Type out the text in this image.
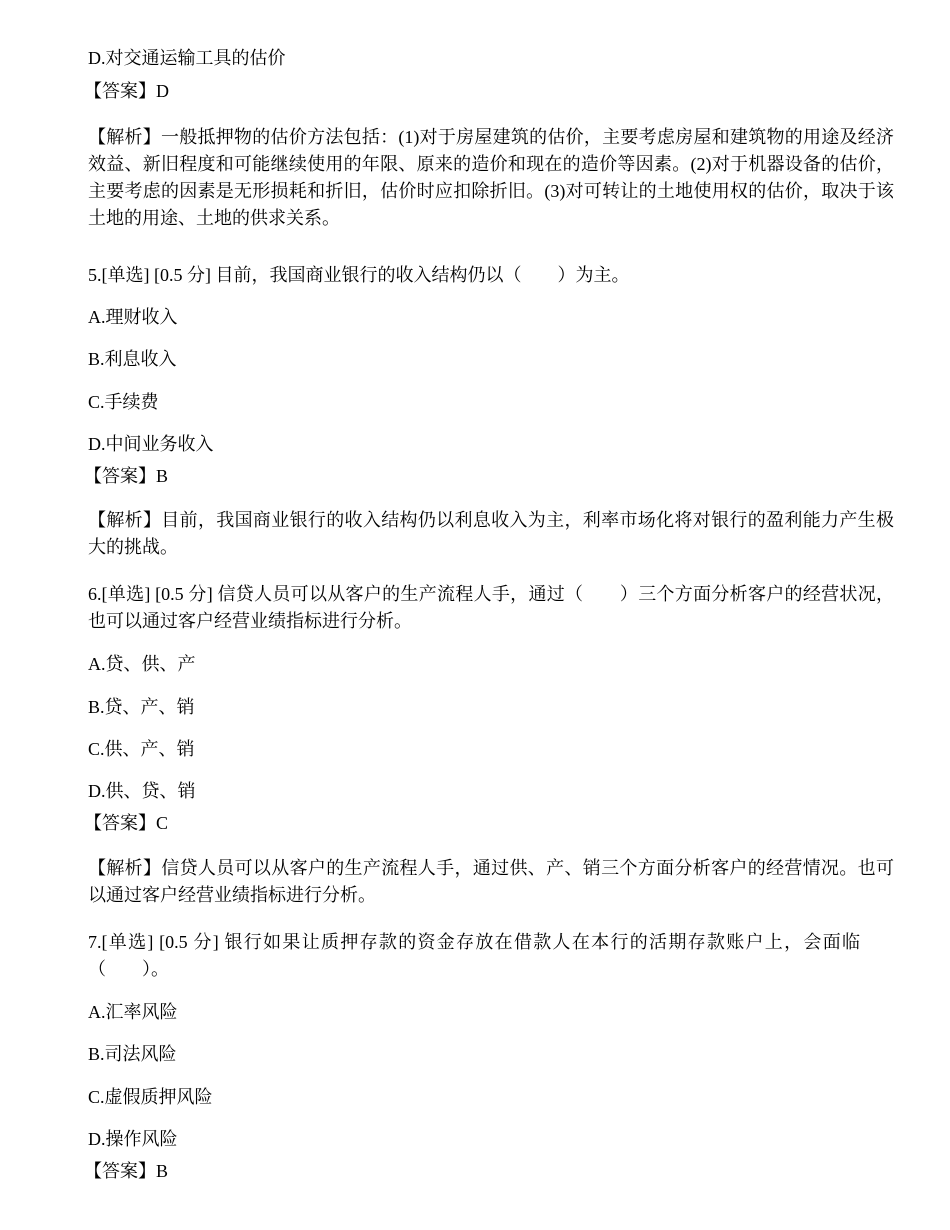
D.对交通运输工具的估价
【答案】D
【解析】一般抵押物的估价方法包括：(1)对于房屋建筑的估价，主要考虑房屋和建筑物的用途及经济效益、新旧程度和可能继续使用的年限、原来的造价和现在的造价等因素。(2)对于机器设备的估价，主要考虑的因素是无形损耗和折旧，估价时应扣除折旧。(3)对可转让的土地使用权的估价，取决于该土地的用途、土地的供求关系。
5.[单选] [0.5 分] 目前，我国商业银行的收入结构仍以（　　）为主。
A.理财收入
B.利息收入
C.手续费
D.中间业务收入
【答案】B
【解析】目前，我国商业银行的收入结构仍以利息收入为主，利率市场化将对银行的盈利能力产生极大的挑战。
6.[单选] [0.5 分] 信贷人员可以从客户的生产流程人手，通过（　　）三个方面分析客户的经营状况，也可以通过客户经营业绩指标进行分析。
A.贷、供、产
B.贷、产、销
C.供、产、销
D.供、贷、销
【答案】C
【解析】信贷人员可以从客户的生产流程人手，通过供、产、销三个方面分析客户的经营情况。也可以通过客户经营业绩指标进行分析。
7.[单选] [0.5 分] 银行如果让质押存款的资金存放在借款人在本行的活期存款账户上，会面临（　　）。
A.汇率风险
B.司法风险
C.虚假质押风险
D.操作风险
【答案】B
